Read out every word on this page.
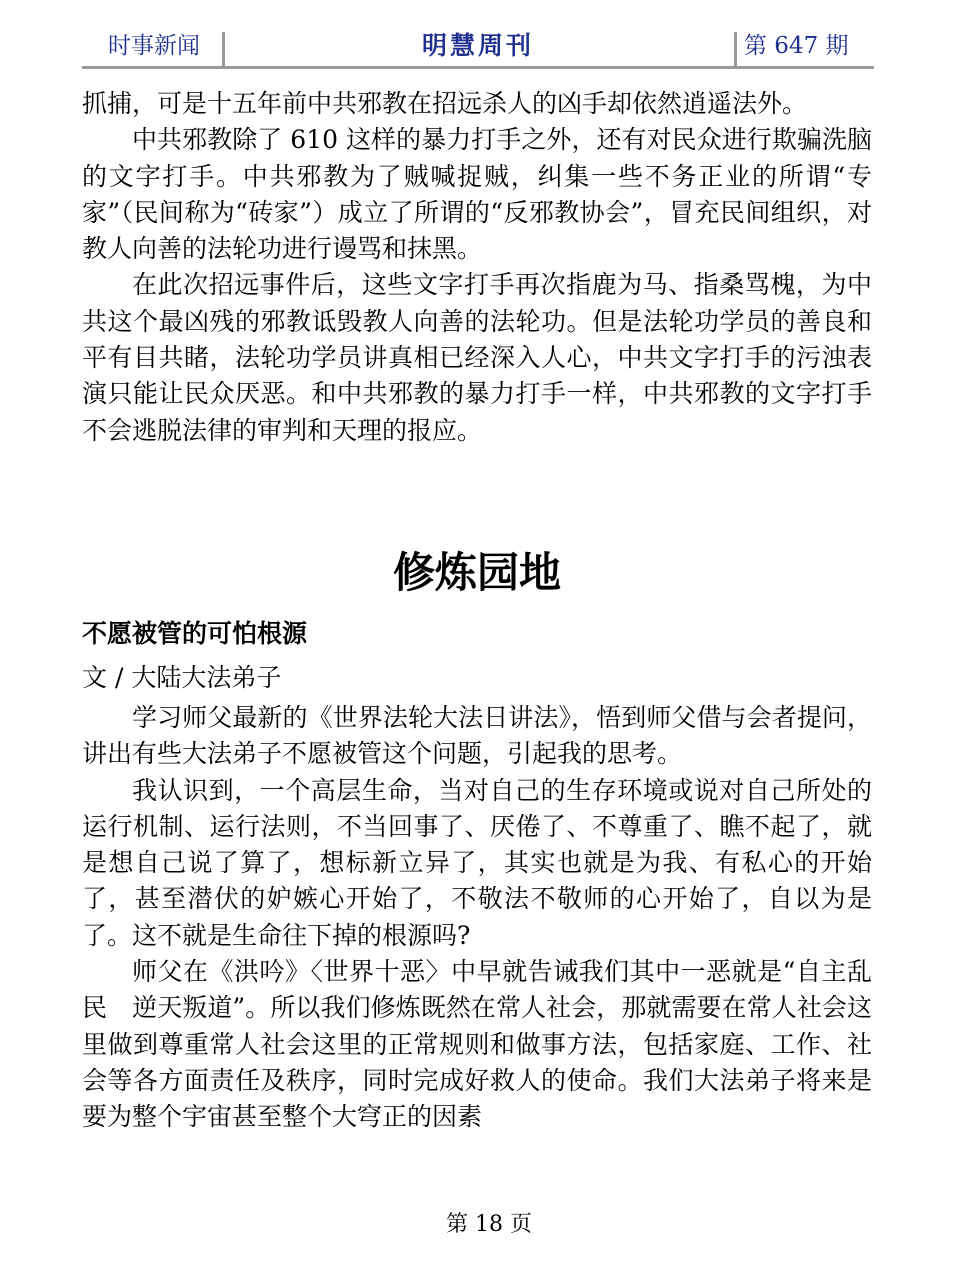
时事新闻	明慧周刊	第 647 期

抓捕，可是十五年前中共邪教在招远杀人的凶手却依然逍遥法外。

中共邪教除了 610 这样的暴力打手之外，还有对民众进行欺骗洗脑的文字打手。中共邪教为了贼喊捉贼，纠集一些不务正业的所谓“专家”（民间称为“砖家”）成立了所谓的“反邪教协会”，冒充民间组织，对教人向善的法轮功进行谩骂和抹黑。

在此次招远事件后，这些文字打手再次指鹿为马、指桑骂槐，为中共这个最凶残的邪教诋毁教人向善的法轮功。但是法轮功学员的善良和平有目共睹，法轮功学员讲真相已经深入人心，中共文字打手的污浊表演只能让民众厌恶。和中共邪教的暴力打手一样，中共邪教的文字打手不会逃脱法律的审判和天理的报应。

修炼园地
不愿被管的可怕根源
文 / 大陆大法弟子

学习师父最新的《世界法轮大法日讲法》，悟到师父借与会者提问，讲出有些大法弟子不愿被管这个问题，引起我的思考。

我认识到，一个高层生命，当对自己的生存环境或说对自己所处的运行机制、运行法则，不当回事了、厌倦了、不尊重了、瞧不起了，就是想自己说了算了，想标新立异了，其实也就是为我、有私心的开始了，甚至潜伏的妒嫉心开始了，不敬法不敬师的心开始了，自以为是了。这不就是生命往下掉的根源吗?

师父在《洪吟》〈世界十恶〉中早就告诫我们其中一恶就是“自主乱民　逆天叛道”。所以我们修炼既然在常人社会，那就需要在常人社会这里做到尊重常人社会这里的正常规则和做事方法，包括家庭、工作、社会等各方面责任及秩序，同时完成好救人的使命。我们大法弟子将来是要为整个宇宙甚至整个大穹正的因素

第 18 页
